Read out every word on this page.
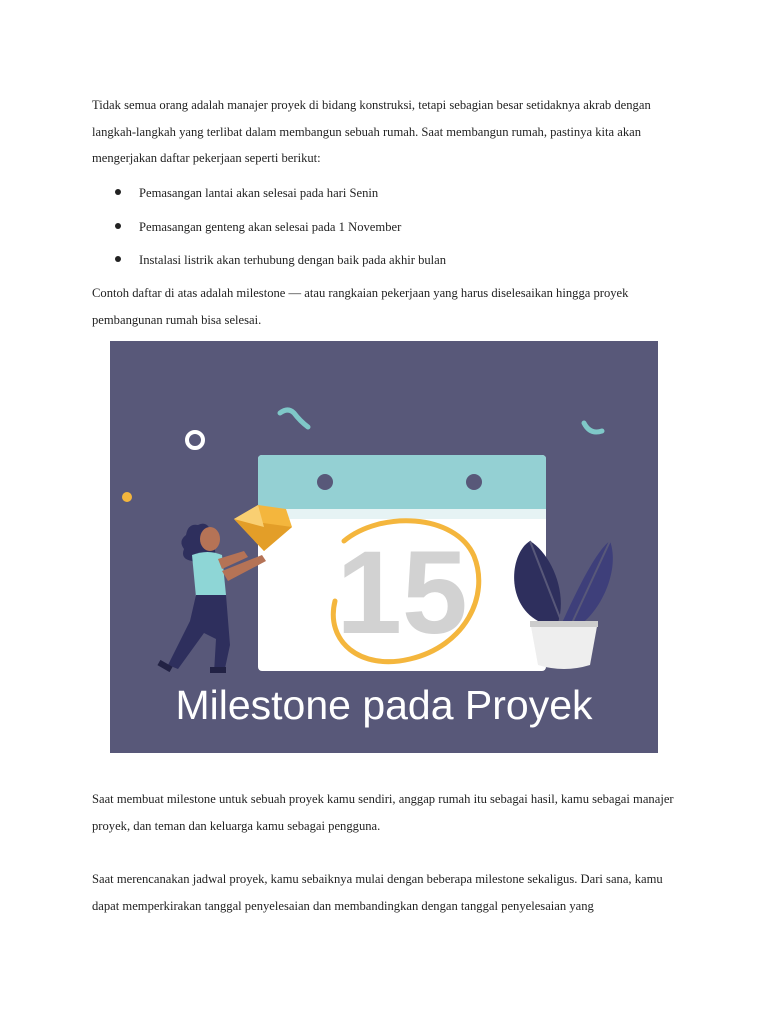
Tidak semua orang adalah manajer proyek di bidang konstruksi, tetapi sebagian besar setidaknya akrab dengan langkah-langkah yang terlibat dalam membangun sebuah rumah. Saat membangun rumah, pastinya kita akan mengerjakan daftar pekerjaan seperti berikut:

Pemasangan lantai akan selesai pada hari Senin
Pemasangan genteng akan selesai pada 1 November
Instalasi listrik akan terhubung dengan baik pada akhir bulan

Contoh daftar di atas adalah milestone — atau rangkaian pekerjaan yang harus diselesaikan hingga proyek pembangunan rumah bisa selesai.

15
Milestone pada Proyek

Saat membuat milestone untuk sebuah proyek kamu sendiri, anggap rumah itu sebagai hasil, kamu sebagai manajer proyek, dan teman dan keluarga kamu sebagai pengguna.

Saat merencanakan jadwal proyek, kamu sebaiknya mulai dengan beberapa milestone sekaligus. Dari sana, kamu dapat memperkirakan tanggal penyelesaian dan membandingkan dengan tanggal penyelesaian yang
